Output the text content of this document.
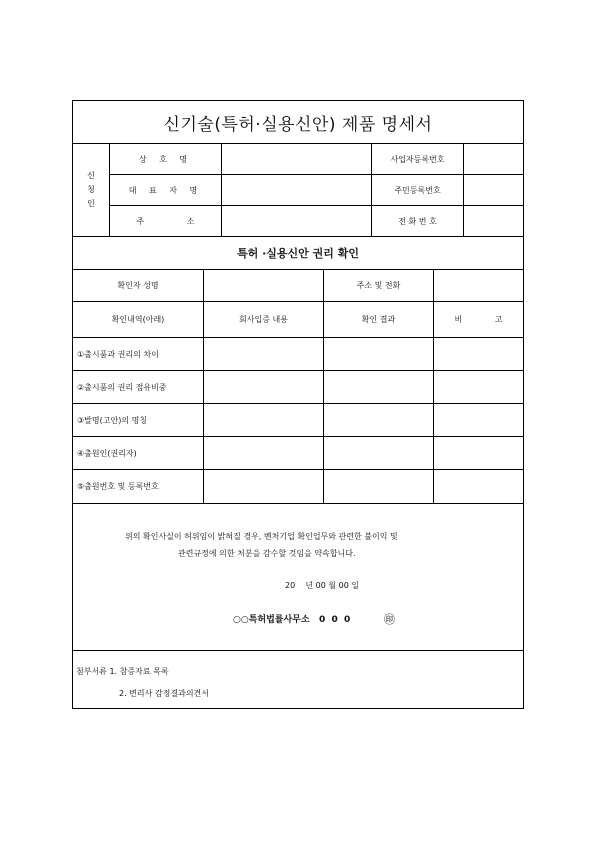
신기술(특허·실용신안) 제품 명세서
신
청
인
상 호 명	사업자등록번호
대 표 자 명	주민등록번호
주 소	전 화 번 호
특허 ·실용신안 권리 확인
확인자 성명	주소 및 전화
확인내역(아래)	회사입증 내용	확인 결과	비 고
①출시품과 권리의 차이
②출시품의 권리 점유비중
③발명(고안)의 명칭
④출원인(권리자)
⑤출원번호 및 등록번호
위의 확인사실이 허위임이 밝혀질 경우, 벤처기업 확인업무와 관련한 불이익 및
관련규정에 의한 처분을 감수할 것임을 약속합니다.
20    년 00 월 00 일
○○특허법률사무소   0  0  0	㊞
첨부서류 1. 참증자료 목록
2. 변리사 감정결과의견서
